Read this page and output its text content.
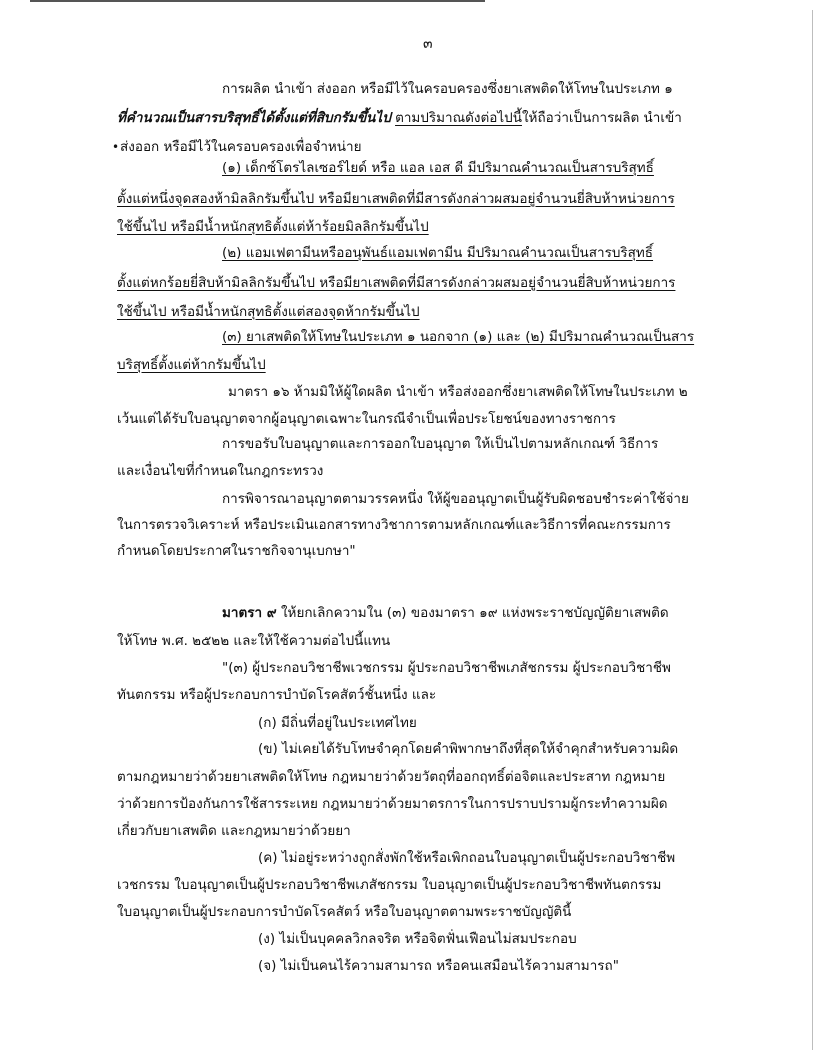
๓
การผลิต นำเข้า ส่งออก หรือมีไว้ในครอบครองซึ่งยาเสพติดให้โทษในประเภท ๑
ที่คำนวณเป็นสารบริสุทธิ์ได้ตั้งแต่ที่สิบกรัมขึ้นไป ตามปริมาณดังต่อไปนี้ให้ถือว่าเป็นการผลิต นำเข้า
• ส่งออก หรือมีไว้ในครอบครองเพื่อจำหน่าย
(๑) เด็กซ์โตรไลเซอร์ไยด์ หรือ แอล เอส ดี มีปริมาณคำนวณเป็นสารบริสุทธิ์
ตั้งแต่หนึ่งจุดสองห้ามิลลิกรัมขึ้นไป หรือมียาเสพติดที่มีสารดังกล่าวผสมอยู่จำนวนยี่สิบห้าหน่วยการ
ใช้ขึ้นไป หรือมีน้ำหนักสุทธิตั้งแต่ห้าร้อยมิลลิกรัมขึ้นไป
(๒) แอมเฟตามีนหรืออนุพันธ์แอมเฟตามีน มีปริมาณคำนวณเป็นสารบริสุทธิ์
ตั้งแต่หกร้อยยี่สิบห้ามิลลิกรัมขึ้นไป หรือมียาเสพติดที่มีสารดังกล่าวผสมอยู่จำนวนยี่สิบห้าหน่วยการ
ใช้ขึ้นไป หรือมีน้ำหนักสุทธิตั้งแต่สองจุดห้ากรัมขึ้นไป
(๓) ยาเสพติดให้โทษในประเภท ๑ นอกจาก (๑) และ (๒) มีปริมาณคำนวณเป็นสาร
บริสุทธิ์ตั้งแต่ห้ากรัมขึ้นไป
มาตรา ๑๖ ห้ามมิให้ผู้ใดผลิต นำเข้า หรือส่งออกซึ่งยาเสพติดให้โทษในประเภท ๒
เว้นแต่ได้รับใบอนุญาตจากผู้อนุญาตเฉพาะในกรณีจำเป็นเพื่อประโยชน์ของทางราชการ
การขอรับใบอนุญาตและการออกใบอนุญาต ให้เป็นไปตามหลักเกณฑ์ วิธีการ
และเงื่อนไขที่กำหนดในกฎกระทรวง
การพิจารณาอนุญาตตามวรรคหนึ่ง ให้ผู้ขออนุญาตเป็นผู้รับผิดชอบชำระค่าใช้จ่าย
ในการตรวจวิเคราะห์ หรือประเมินเอกสารทางวิชาการตามหลักเกณฑ์และวิธีการที่คณะกรรมการ
กำหนดโดยประกาศในราชกิจจานุเบกษา"
มาตรา ๙ ให้ยกเลิกความใน (๓) ของมาตรา ๑๙ แห่งพระราชบัญญัติยาเสพติด
ให้โทษ พ.ศ. ๒๕๒๒ และให้ใช้ความต่อไปนี้แทน
"(๓) ผู้ประกอบวิชาชีพเวชกรรม ผู้ประกอบวิชาชีพเภสัชกรรม ผู้ประกอบวิชาชีพ
ทันตกรรม หรือผู้ประกอบการบำบัดโรคสัตว์ชั้นหนึ่ง และ
(ก) มีถิ่นที่อยู่ในประเทศไทย
(ข) ไม่เคยได้รับโทษจำคุกโดยคำพิพากษาถึงที่สุดให้จำคุกสำหรับความผิด
ตามกฎหมายว่าด้วยยาเสพติดให้โทษ กฎหมายว่าด้วยวัตถุที่ออกฤทธิ์ต่อจิตและประสาท กฎหมาย
ว่าด้วยการป้องกันการใช้สารระเหย กฎหมายว่าด้วยมาตรการในการปราบปรามผู้กระทำความผิด
เกี่ยวกับยาเสพติด และกฎหมายว่าด้วยยา
(ค) ไม่อยู่ระหว่างถูกสั่งพักใช้หรือเพิกถอนใบอนุญาตเป็นผู้ประกอบวิชาชีพ
เวชกรรม ใบอนุญาตเป็นผู้ประกอบวิชาชีพเภสัชกรรม ใบอนุญาตเป็นผู้ประกอบวิชาชีพทันตกรรม
ใบอนุญาตเป็นผู้ประกอบการบำบัดโรคสัตว์ หรือใบอนุญาตตามพระราชบัญญัตินี้
(ง) ไม่เป็นบุคคลวิกลจริต หรือจิตฟั่นเฟือนไม่สมประกอบ
(จ) ไม่เป็นคนไร้ความสามารถ หรือคนเสมือนไร้ความสามารถ"
